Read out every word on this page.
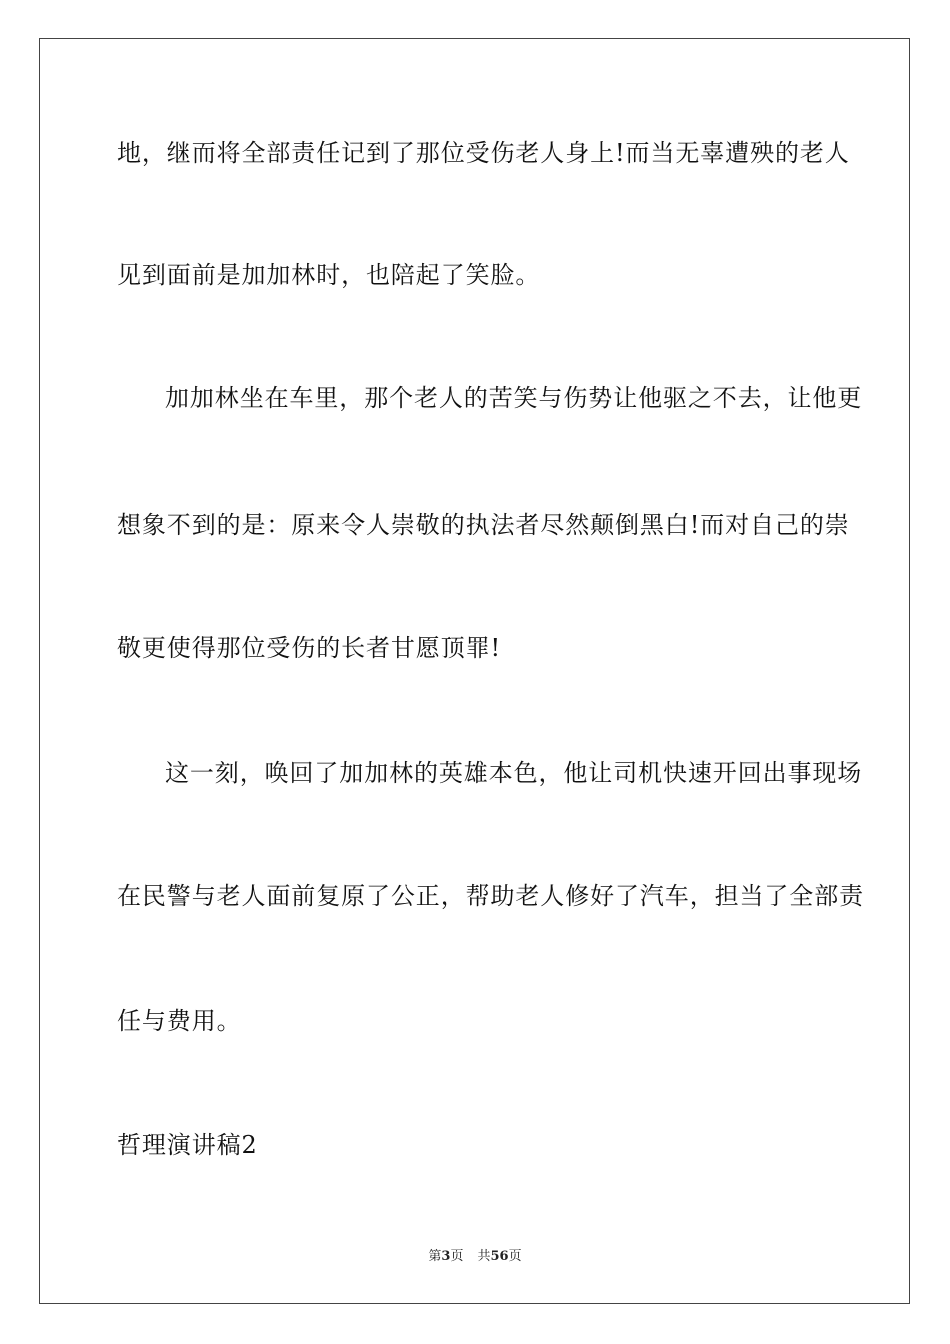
地，继而将全部责任记到了那位受伤老人身上!而当无辜遭殃的老人
见到面前是加加林时，也陪起了笑脸。
加加林坐在车里，那个老人的苦笑与伤势让他驱之不去，让他更
想象不到的是：原来令人崇敬的执法者尽然颠倒黑白!而对自己的崇
敬更使得那位受伤的长者甘愿顶罪!
这一刻，唤回了加加林的英雄本色，他让司机快速开回出事现场
在民警与老人面前复原了公正，帮助老人修好了汽车，担当了全部责
任与费用。
哲理演讲稿2
第3页 共56页
